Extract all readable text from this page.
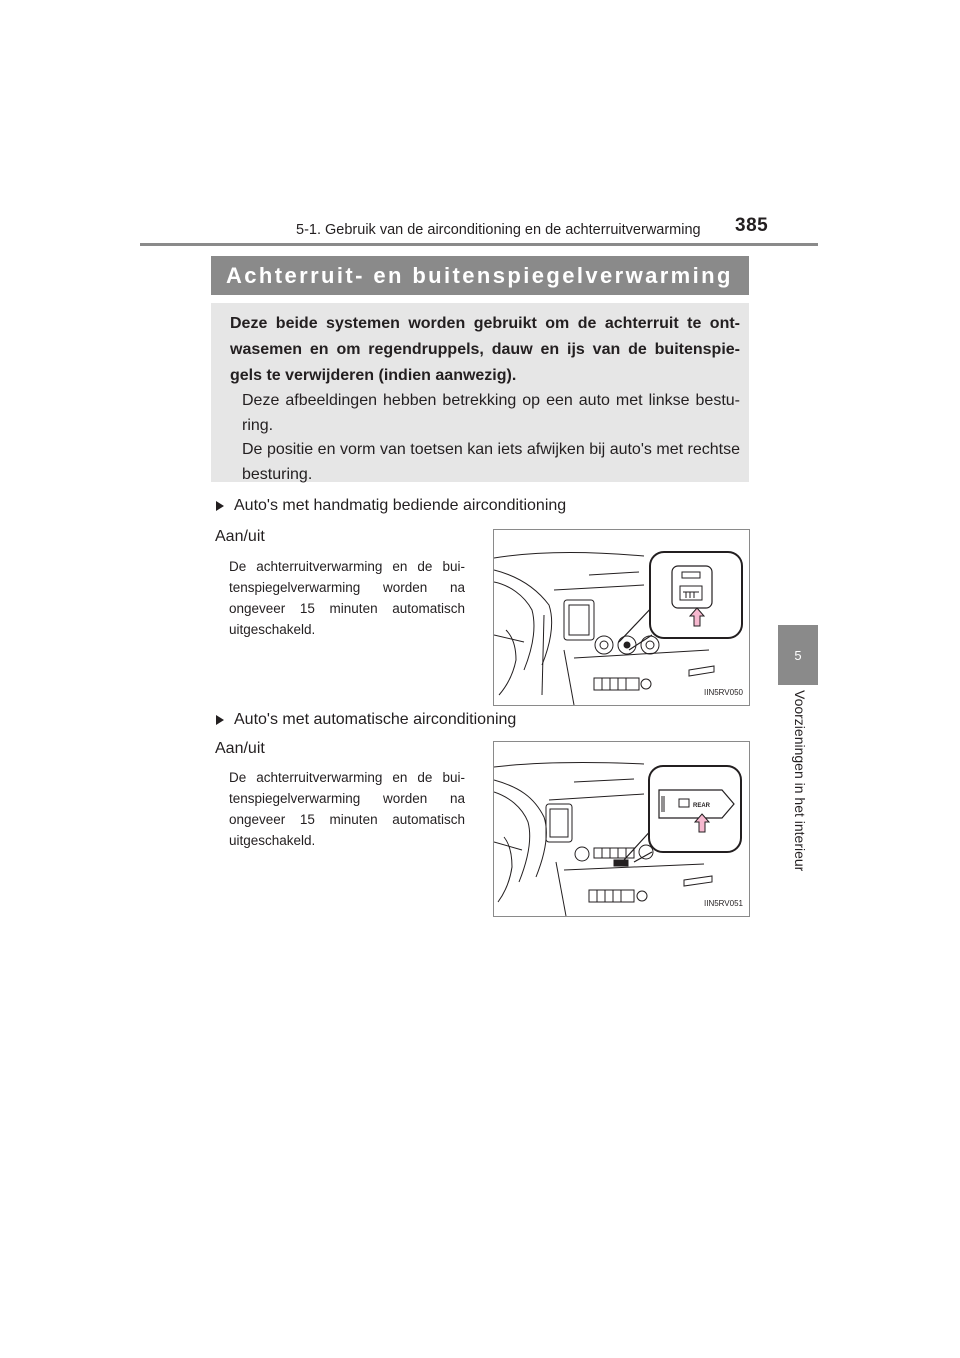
5-1. Gebruik van de airconditioning en de achterruitverwarming 385
5
Voorzieningen in het interieur
Achterruit- en buitenspiegelverwarming

Deze beide systemen worden gebruikt om de achterruit te ont-wasemen en om regendruppels, dauw en ijs van de buitenspie-gels te verwijderen (indien aanwezig).

Deze afbeeldingen hebben betrekking op een auto met linkse bestu-ring.

De positie en vorm van toetsen kan iets afwijken bij auto's met rechtse besturing.

Auto's met handmatig bediende airconditioning
Aan/uit
De achterruitverwarming en de bui-tenspiegelverwarming worden na ongeveer 15 minuten automatisch uitgeschakeld.
IIN5RV050
Auto's met automatische airconditioning
Aan/uit
De achterruitverwarming en de bui-tenspiegelverwarming worden na ongeveer 15 minuten automatisch uitgeschakeld.
REAR
IIN5RV051
